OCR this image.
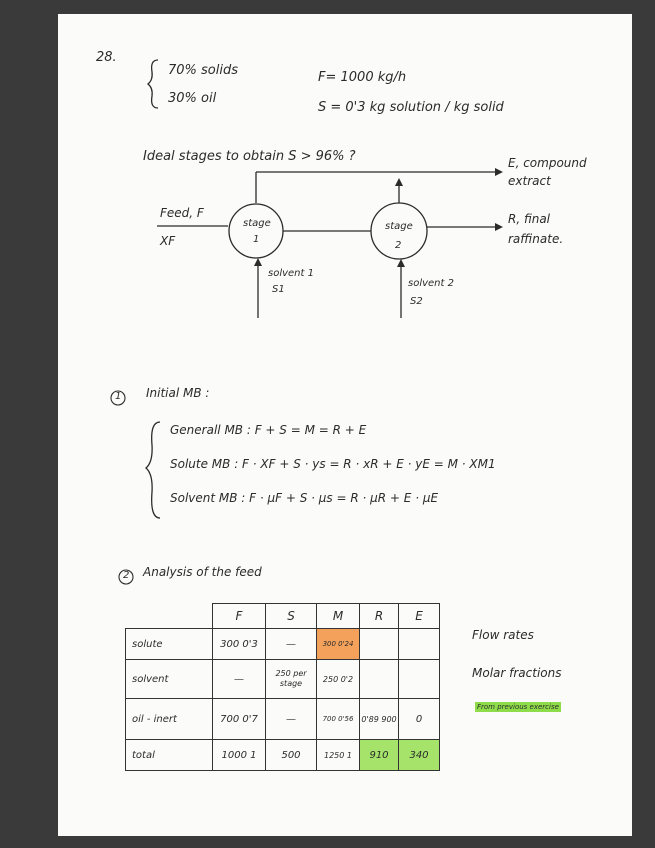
28.
70% solids
30% oil
F= 1000 kg/h
S = 0'3 kg solution / kg solid
Ideal stages to obtain S > 96% ?	E, compound
extract
Feed, F
XF
stage
1
stage
2
R, final
raffinate.
solvent 1
S1
solvent 2
S2
1 Initial MB :
Generall MB : F + S = M = R + E
Solute MB : F · XF + S · ys = R · xR + E · yE = M · XM1
Solvent MB : F · μF + S · μs = R · μR + E · μE
2 Analysis of the feed
	F	S	M	R	E
solute	300 0'3	—	300 0'24		
solvent	—	250 per stage	250 0'2		
oil - inert	700 0'7	—	700 0'56	0'89 900	0
total	1000 1	500	1250 1	910	340
Flow rates
Molar fractions
From previous exercise
